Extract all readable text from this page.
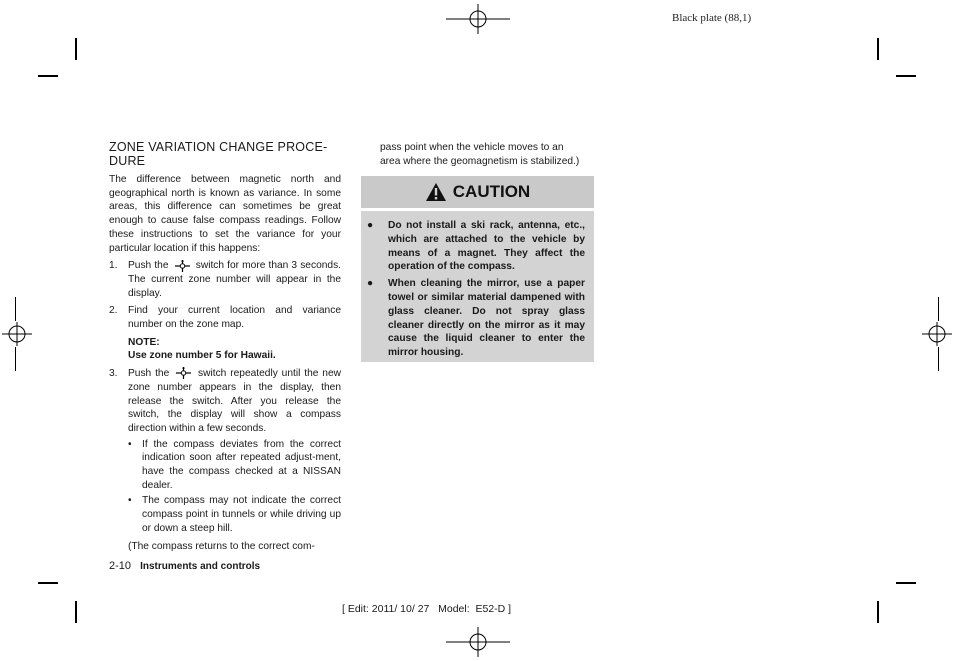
Black plate (88,1)
ZONE VARIATION CHANGE PROCE-
DURE
The difference between magnetic north and geographical north is known as variance. In some areas, this difference can sometimes be great enough to cause false compass readings. Follow these instructions to set the variance for your particular location if this happens:
1.	Push the	switch for more than 3 seconds. The current zone number will appear in the display.
2.	Find your current location and variance number on the zone map.
NOTE:
Use zone number 5 for Hawaii.
3.	Push the	switch repeatedly until the new zone number appears in the display, then release the switch. After you release the switch, the display will show a compass direction within a few seconds.
•	If the compass deviates from the correct indication soon after repeated adjust-ment, have the compass checked at a NISSAN dealer.
•	The compass may not indicate the correct compass point in tunnels or while driving up or down a steep hill.
(The compass returns to the correct com-
pass point when the vehicle moves to an
area where the geomagnetism is stabilized.)
CAUTION
●	Do not install a ski rack, antenna, etc., which are attached to the vehicle by means of a magnet. They affect the operation of the compass.
●	When cleaning the mirror, use a paper towel or similar material dampened with glass cleaner. Do not spray glass cleaner directly on the mirror as it may cause the liquid cleaner to enter the mirror housing.
2-10 Instruments and controls
[ Edit: 2011/ 10/ 27   Model:  E52-D ]
